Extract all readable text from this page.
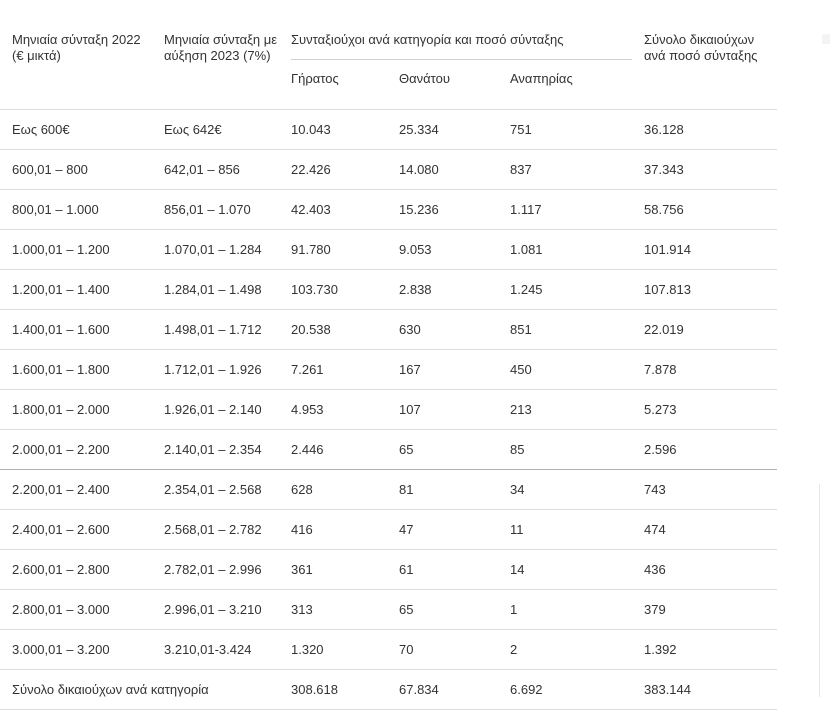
Μηνιαία σύνταξη 2022 (€ μικτά)	Μηνιαία σύνταξη με αύξηση 2023 (7%)	Συνταξιούχοι ανά κατηγορία και ποσό σύνταξης			Σύνολο δικαιούχων ανά ποσό σύνταξης
		Γήρατος	Θανάτου	Αναπηρίας	
Εως 600€	Εως 642€	10.043	25.334	751	36.128
600,01 – 800	642,01 – 856	22.426	14.080	837	37.343
800,01 – 1.000	856,01 – 1.070	42.403	15.236	1.117	58.756
1.000,01 – 1.200	1.070,01 – 1.284	91.780	9.053	1.081	101.914
1.200,01 – 1.400	1.284,01 – 1.498	103.730	2.838	1.245	107.813
1.400,01 – 1.600	1.498,01 – 1.712	20.538	630	851	22.019
1.600,01 – 1.800	1.712,01 – 1.926	7.261	167	450	7.878
1.800,01 – 2.000	1.926,01 – 2.140	4.953	107	213	5.273
2.000,01 – 2.200	2.140,01 – 2.354	2.446	65	85	2.596
2.200,01 – 2.400	2.354,01 – 2.568	628	81	34	743
2.400,01 – 2.600	2.568,01 – 2.782	416	47	11	474
2.600,01 – 2.800	2.782,01 – 2.996	361	61	14	436
2.800,01 – 3.000	2.996,01 – 3.210	313	65	1	379
3.000,01 – 3.200	3.210,01-3.424	1.320	70	2	1.392
Σύνολο δικαιούχων ανά κατηγορία		308.618	67.834	6.692	383.144
